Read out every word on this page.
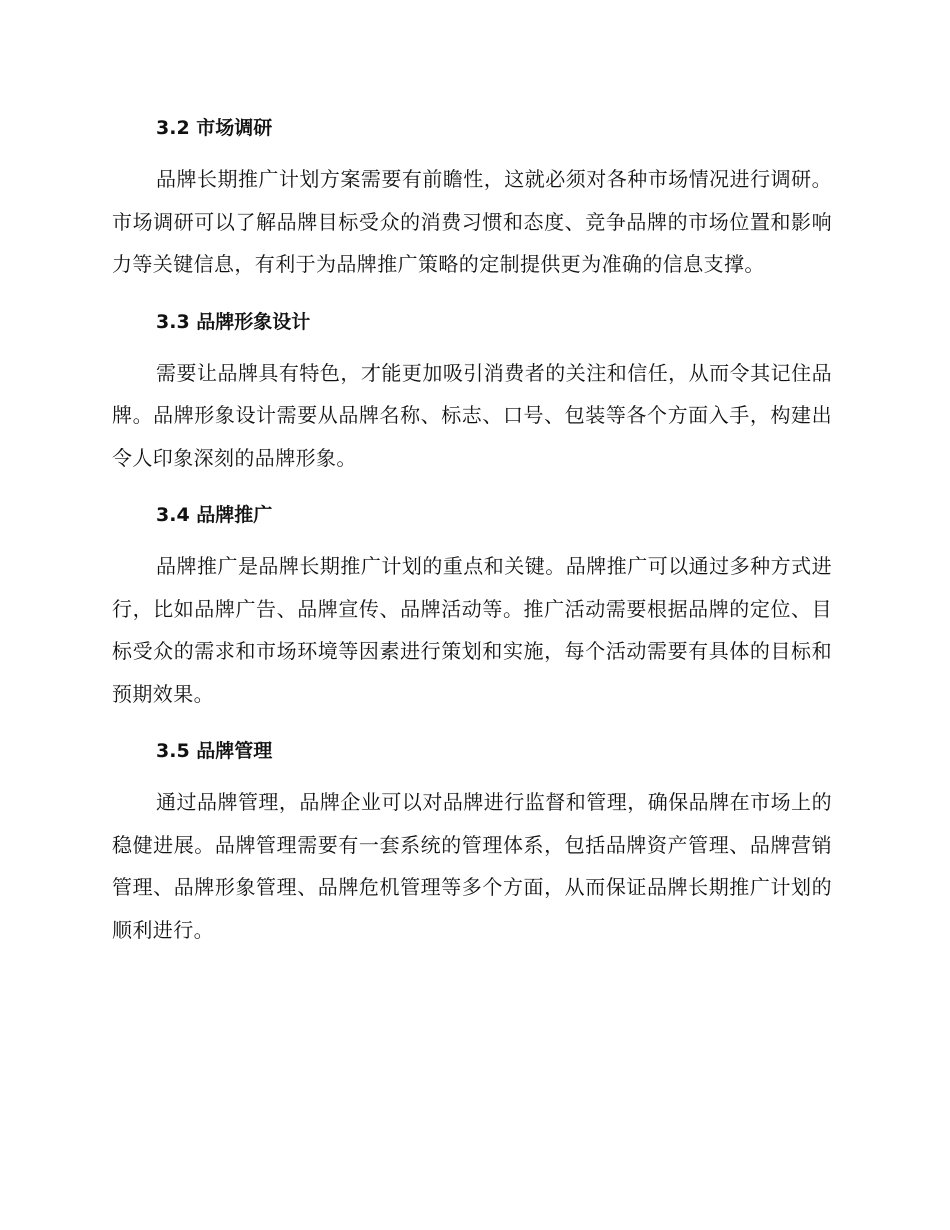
3.2 市场调研

品牌长期推广计划方案需要有前瞻性，这就必须对各种市场情况进行调研。市场调研可以了解品牌目标受众的消费习惯和态度、竞争品牌的市场位置和影响力等关键信息，有利于为品牌推广策略的定制提供更为准确的信息支撑。

3.3 品牌形象设计

需要让品牌具有特色，才能更加吸引消费者的关注和信任，从而令其记住品牌。品牌形象设计需要从品牌名称、标志、口号、包装等各个方面入手，构建出令人印象深刻的品牌形象。

3.4 品牌推广

品牌推广是品牌长期推广计划的重点和关键。品牌推广可以通过多种方式进行，比如品牌广告、品牌宣传、品牌活动等。推广活动需要根据品牌的定位、目标受众的需求和市场环境等因素进行策划和实施，每个活动需要有具体的目标和预期效果。

3.5 品牌管理

通过品牌管理，品牌企业可以对品牌进行监督和管理，确保品牌在市场上的稳健进展。品牌管理需要有一套系统的管理体系，包括品牌资产管理、品牌营销管理、品牌形象管理、品牌危机管理等多个方面，从而保证品牌长期推广计划的顺利进行。
